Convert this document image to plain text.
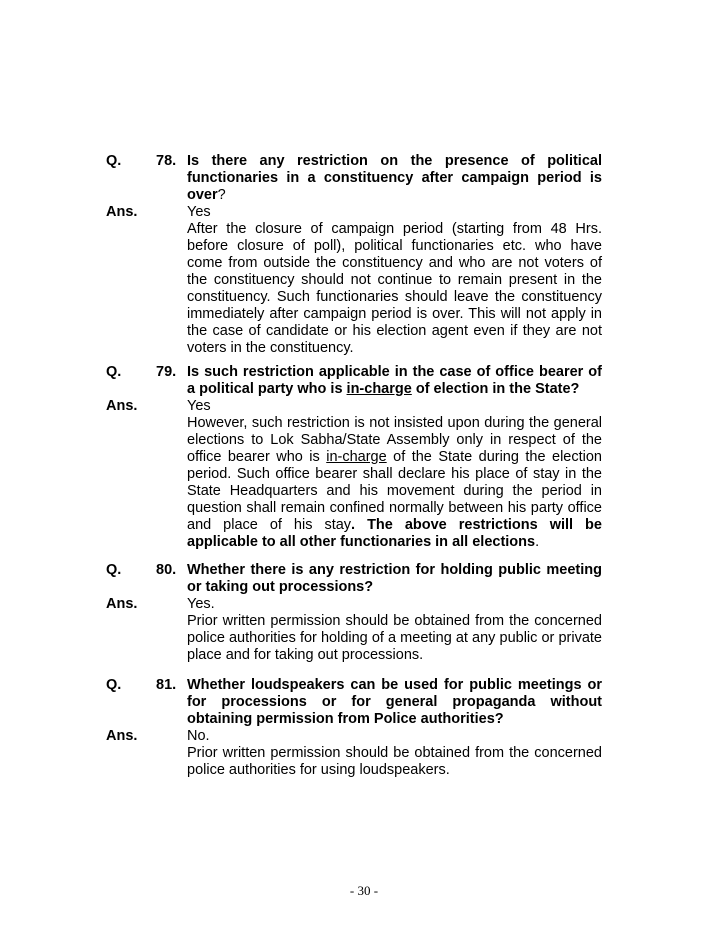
Q. 78. Is there any restriction on the presence of political functionaries in a constituency after campaign period is over?
Ans.	Yes

After the closure of campaign period (starting from 48 Hrs. before closure of poll), political functionaries etc. who have come from outside the constituency and who are not voters of the constituency should not continue to remain present in the constituency. Such functionaries should leave the constituency immediately after campaign period is over. This will not apply in the case of candidate or his election agent even if they are not voters in the constituency.

Q. 79. Is such restriction applicable in the case of office bearer of a political party who is in-charge of election in the State?
Ans.	Yes

However, such restriction is not insisted upon during the general elections to Lok Sabha/State Assembly only in respect of the office bearer who is in-charge of the State during the election period. Such office bearer shall declare his place of stay in the State Headquarters and his movement during the period in question shall remain confined normally between his party office and place of his stay. The above restrictions will be applicable to all other functionaries in all elections.

Q. 80. Whether there is any restriction for holding public meeting or taking out processions?
Ans.	Yes.

Prior written permission should be obtained from the concerned police authorities for holding of a meeting at any public or private place and for taking out processions.

Q. 81. Whether loudspeakers can be used for public meetings or for processions or for general propaganda without obtaining permission from Police authorities?
Ans.	No.

Prior written permission should be obtained from the concerned police authorities for using loudspeakers.

- 30 -
